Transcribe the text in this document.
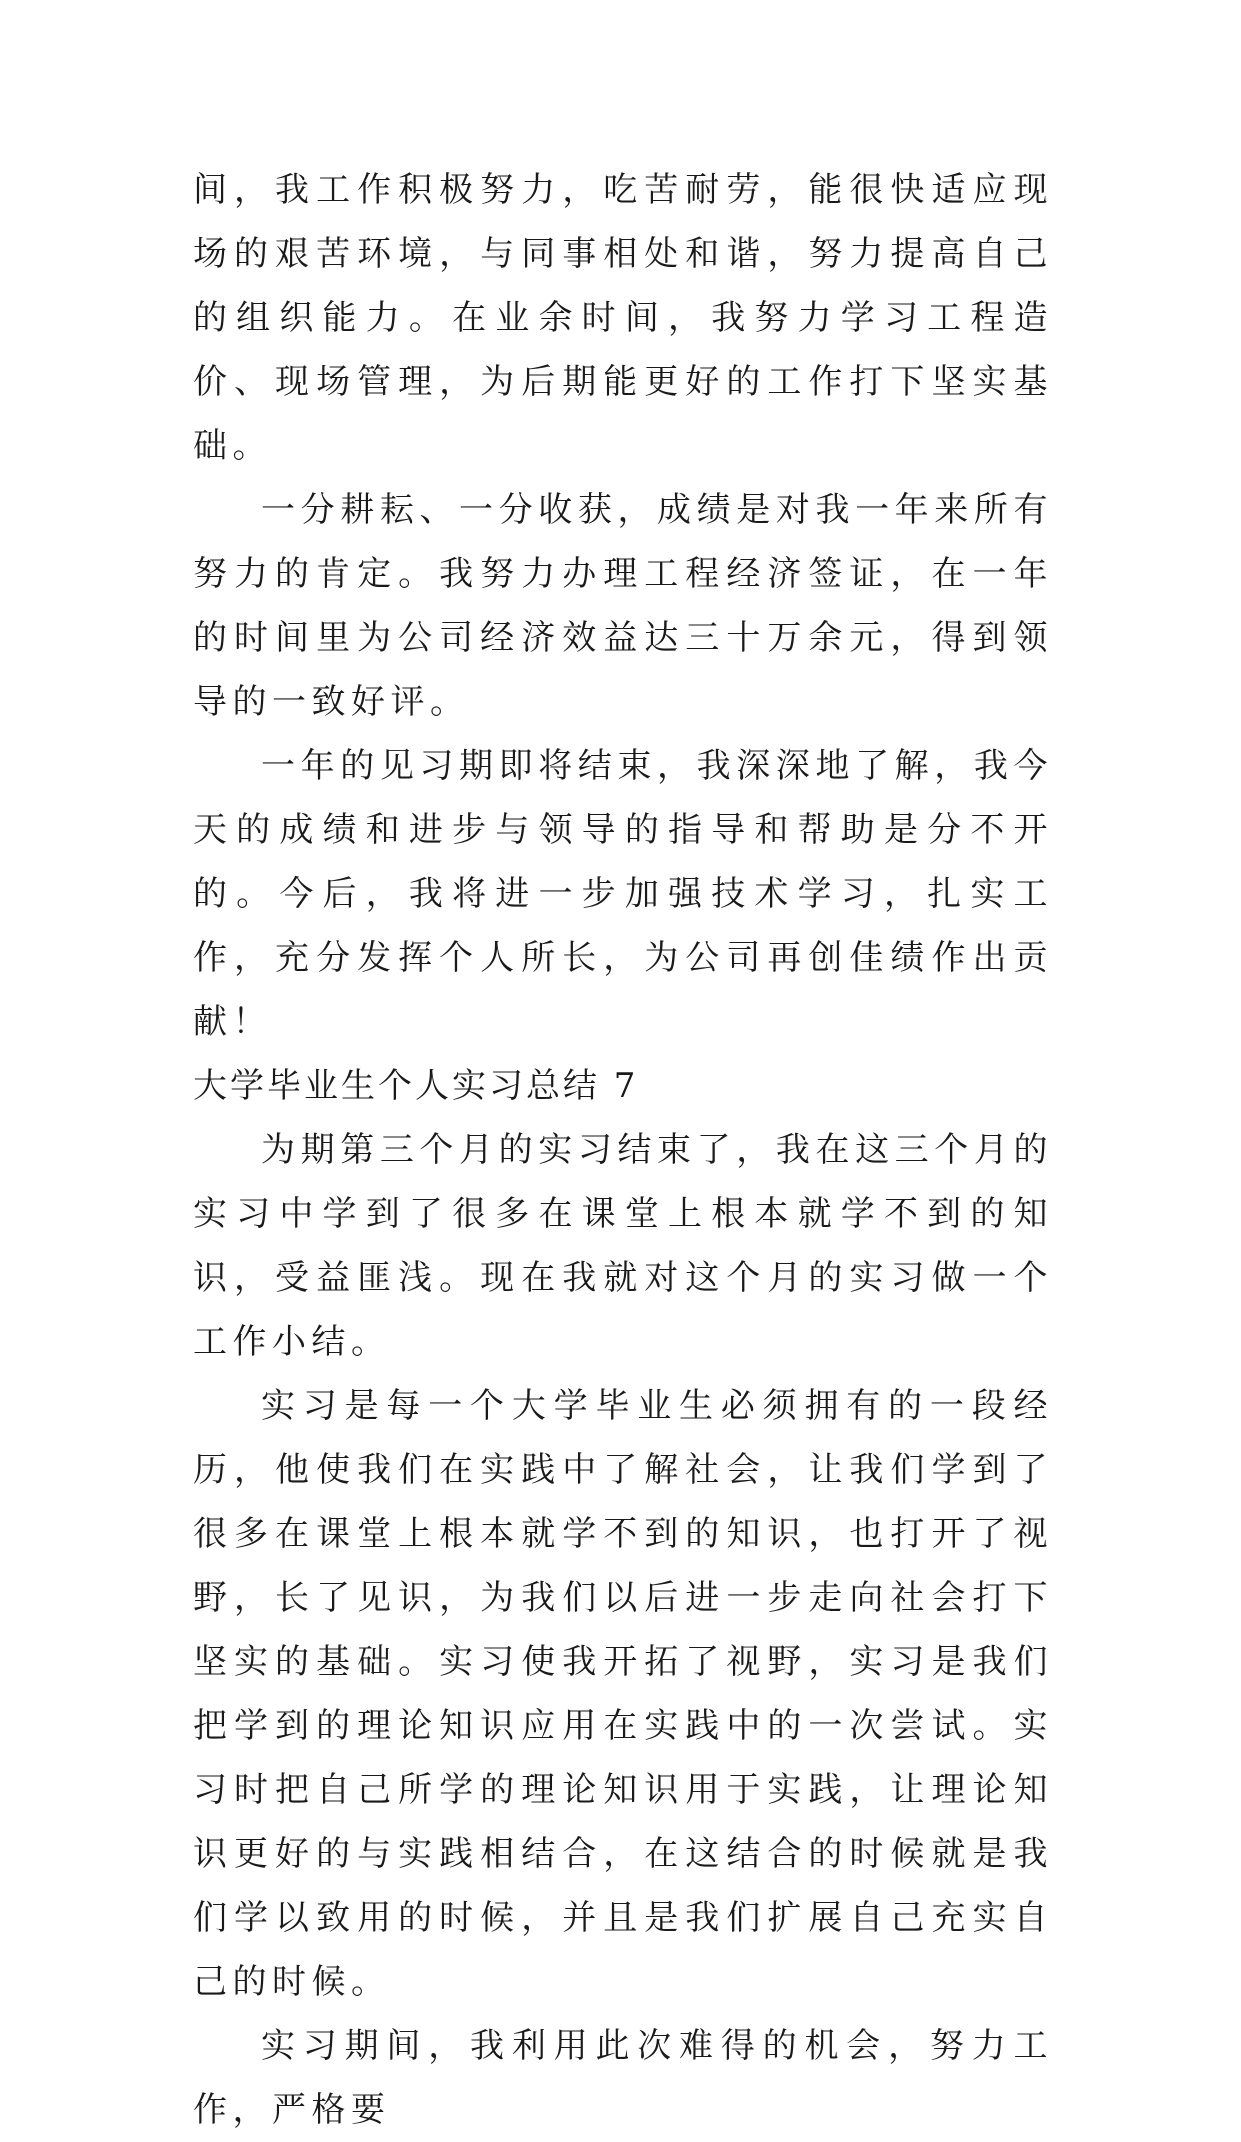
间，我工作积极努力，吃苦耐劳，能很快适应现场的艰苦环境，与同事相处和谐，努力提高自己的组织能力。在业余时间，我努力学习工程造价、现场管理，为后期能更好的工作打下坚实基础。

一分耕耘、一分收获，成绩是对我一年来所有努力的肯定。我努力办理工程经济签证，在一年的时间里为公司经济效益达三十万余元，得到领导的一致好评。

一年的见习期即将结束，我深深地了解，我今天的成绩和进步与领导的指导和帮助是分不开的。今后，我将进一步加强技术学习，扎实工作，充分发挥个人所长，为公司再创佳绩作出贡献！

大学毕业生个人实习总结 7

为期第三个月的实习结束了，我在这三个月的实习中学到了很多在课堂上根本就学不到的知识，受益匪浅。现在我就对这个月的实习做一个工作小结。

实习是每一个大学毕业生必须拥有的一段经历，他使我们在实践中了解社会，让我们学到了很多在课堂上根本就学不到的知识，也打开了视野，长了见识，为我们以后进一步走向社会打下坚实的基础。实习使我开拓了视野，实习是我们把学到的理论知识应用在实践中的一次尝试。实习时把自己所学的理论知识用于实践，让理论知识更好的与实践相结合，在这结合的时候就是我们学以致用的时候，并且是我们扩展自己充实自己的时候。

实习期间，我利用此次难得的机会，努力工作，严格要
